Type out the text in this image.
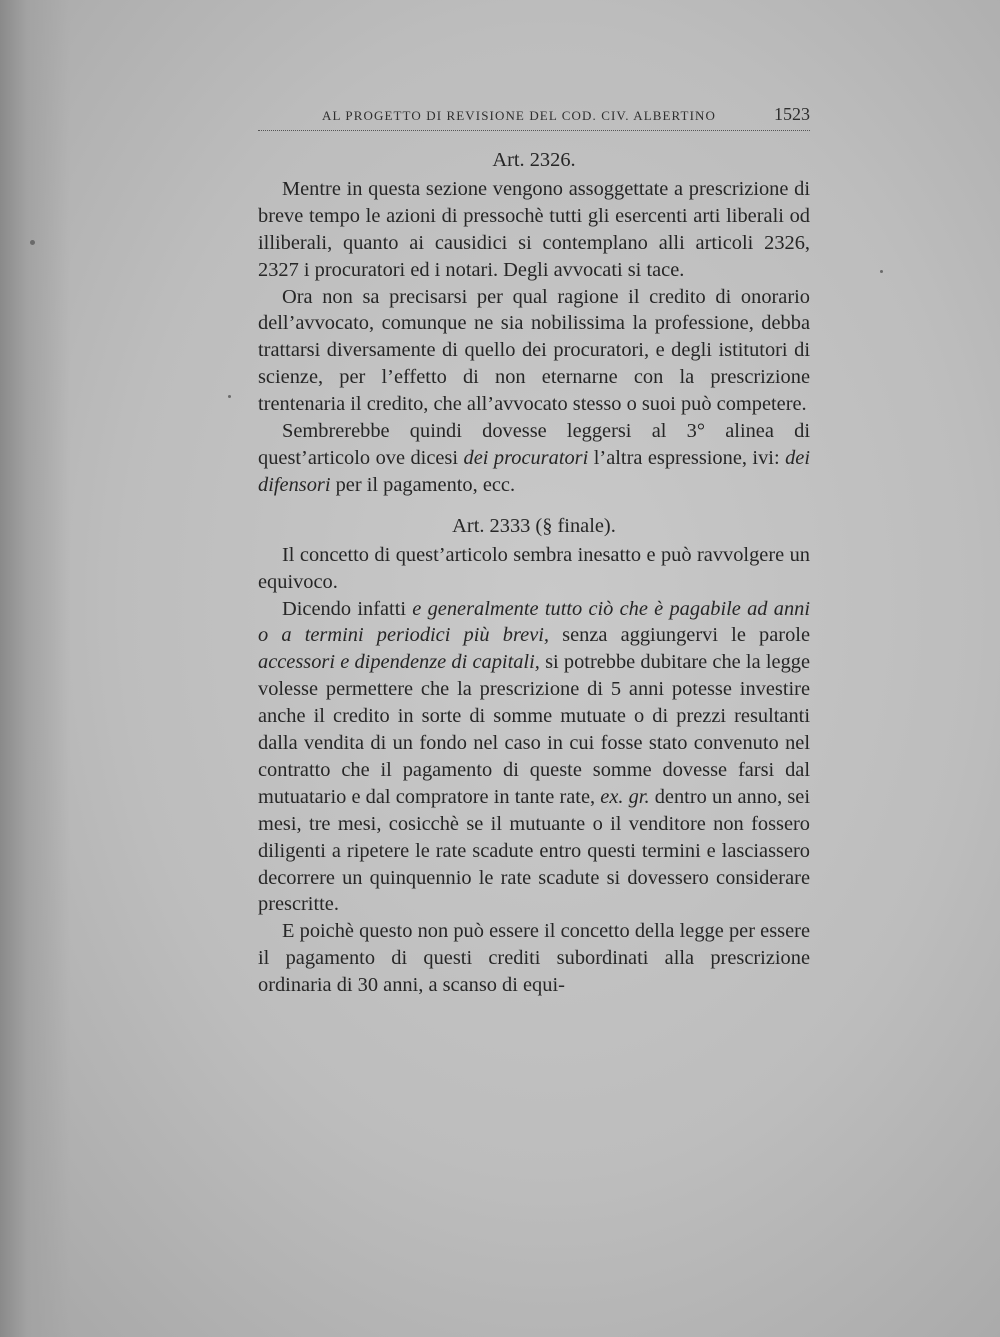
AL PROGETTO DI REVISIONE DEL COD. CIV. ALBERTINO	1523

Art. 2326.

Mentre in questa sezione vengono assoggettate a prescrizione di breve tempo le azioni di pressochè tutti gli esercenti arti liberali od illiberali, quanto ai causidici si contemplano alli articoli 2326, 2327 i procuratori ed i notari. Degli avvocati si tace.

Ora non sa precisarsi per qual ragione il credito di onorario dell’avvocato, comunque ne sia nobilissima la professione, debba trattarsi diversamente di quello dei procuratori, e degli istitutori di scienze, per l’effetto di non eternarne con la prescrizione trentenaria il credito, che all’avvocato stesso o suoi può competere.

Sembrerebbe quindi dovesse leggersi al 3° alinea di quest’articolo ove dicesi dei procuratori l’altra espressione, ivi: dei difensori per il pagamento, ecc.

Art. 2333 (§ finale).

Il concetto di quest’articolo sembra inesatto e può ravvolgere un equivoco.

Dicendo infatti e generalmente tutto ciò che è pagabile ad anni o a termini periodici più brevi, senza aggiungervi le parole accessori e dipendenze di capitali, si potrebbe dubitare che la legge volesse permettere che la prescrizione di 5 anni potesse investire anche il credito in sorte di somme mutuate o di prezzi resultanti dalla vendita di un fondo nel caso in cui fosse stato convenuto nel contratto che il pagamento di queste somme dovesse farsi dal mutuatario e dal compratore in tante rate, ex. gr. dentro un anno, sei mesi, tre mesi, cosicchè se il mutuante o il venditore non fossero diligenti a ripetere le rate scadute entro questi termini e lasciassero decorrere un quinquennio le rate scadute si dovessero considerare prescritte.

E poichè questo non può essere il concetto della legge per essere il pagamento di questi crediti subordinati alla prescrizione ordinaria di 30 anni, a scanso di equi-
